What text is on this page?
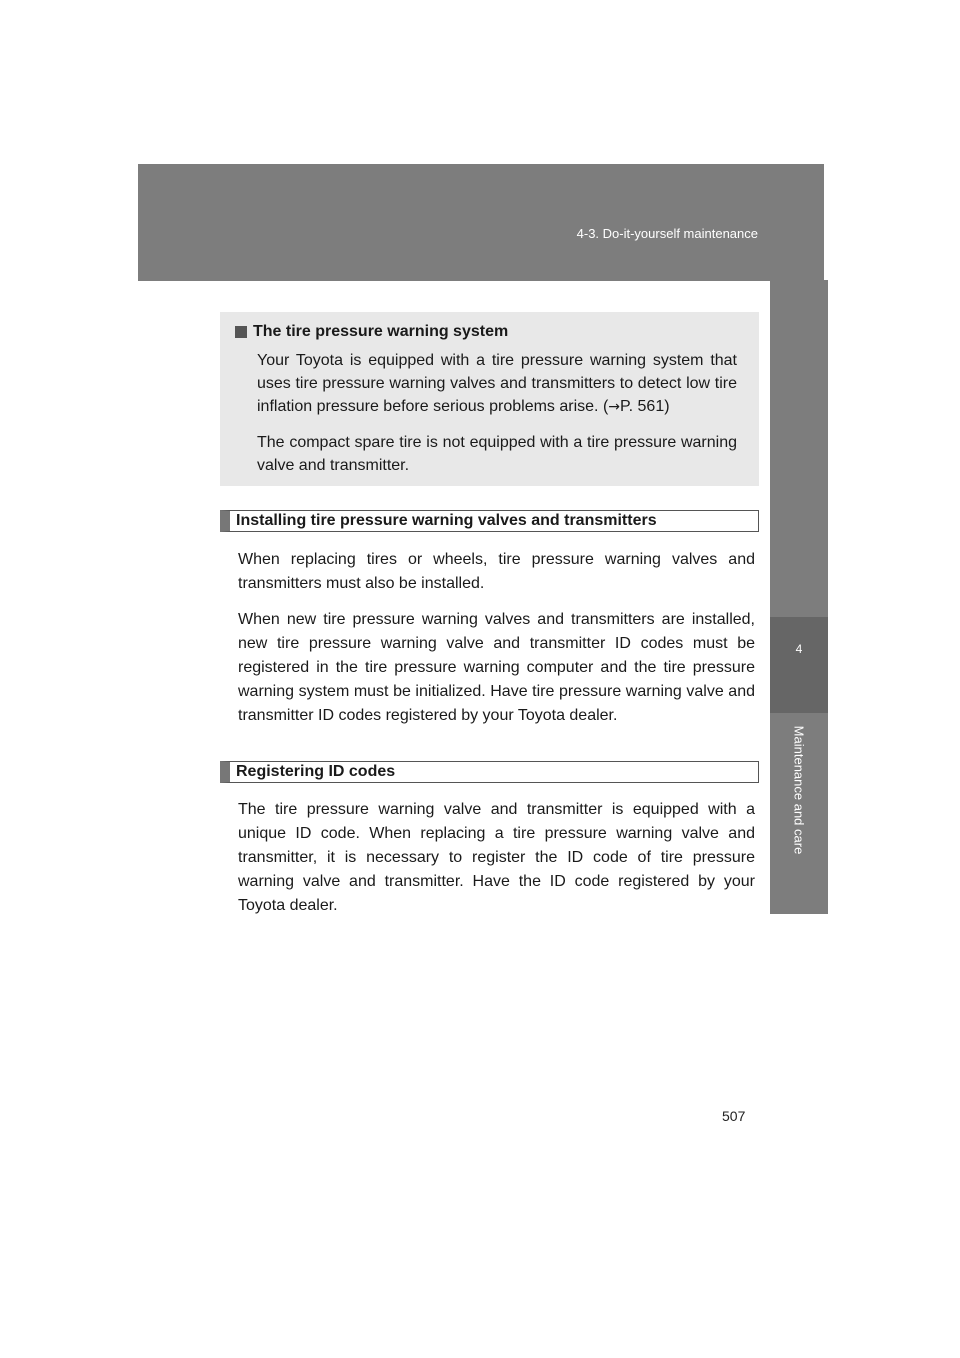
4-3. Do-it-yourself maintenance
4
Maintenance and care

The tire pressure warning system

Your Toyota is equipped with a tire pressure warning system that uses tire pressure warning valves and transmitters to detect low tire inflation pressure before serious problems arise. (→P. 561)

The compact spare tire is not equipped with a tire pressure warning valve and transmitter.

Installing tire pressure warning valves and transmitters

When replacing tires or wheels, tire pressure warning valves and transmitters must also be installed.

When new tire pressure warning valves and transmitters are installed, new tire pressure warning valve and transmitter ID codes must be registered in the tire pressure warning computer and the tire pressure warning system must be initialized. Have tire pressure warning valve and transmitter ID codes registered by your Toyota dealer.

Registering ID codes

The tire pressure warning valve and transmitter is equipped with a unique ID code. When replacing a tire pressure warning valve and transmitter, it is necessary to register the ID code of tire pressure warning valve and transmitter. Have the ID code registered by your Toyota dealer.

507
